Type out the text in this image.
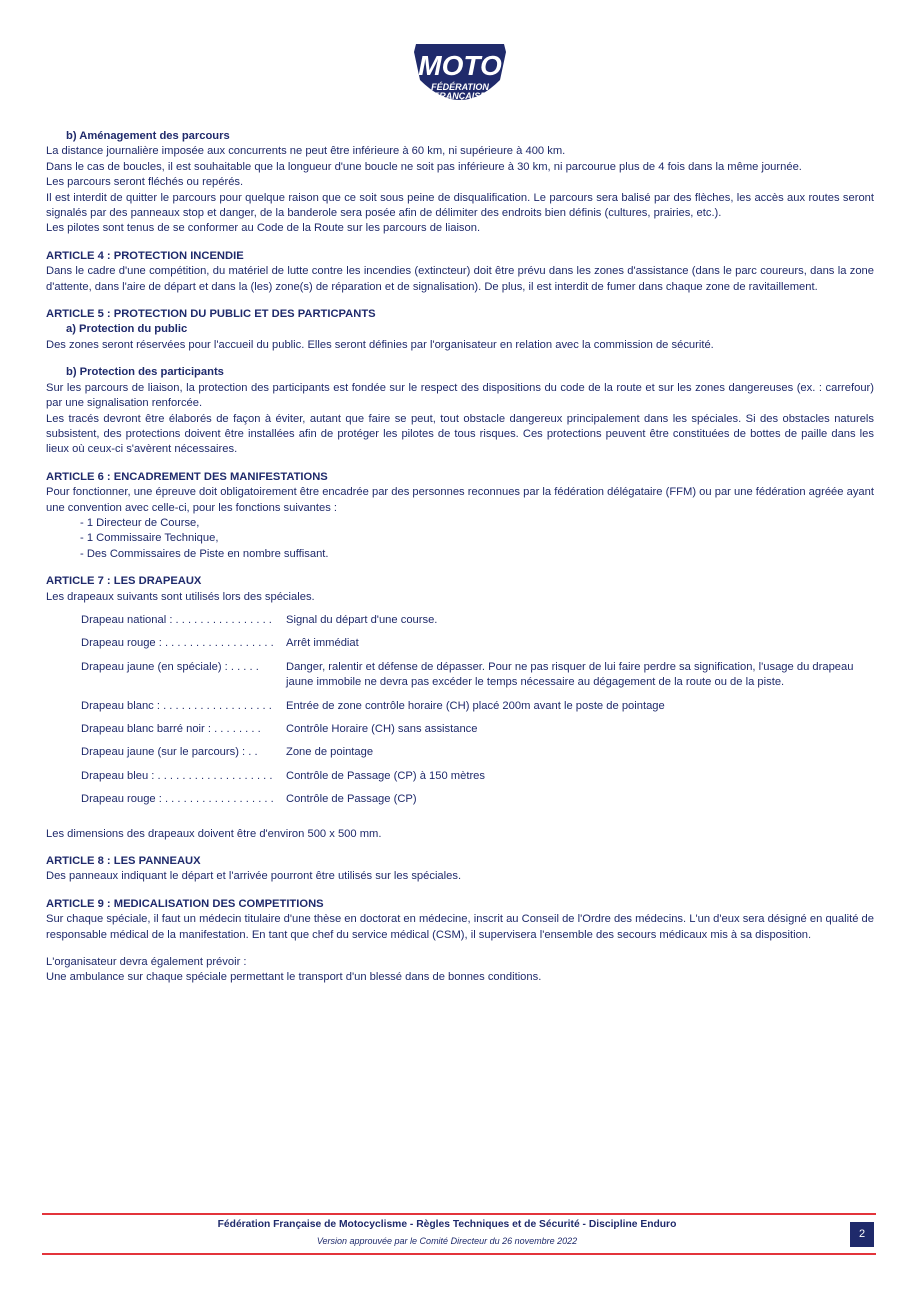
MOTO
FÉDÉRATION
FRANÇAISE

b) Aménagement des parcours

La distance journalière imposée aux concurrents ne peut être inférieure à 60 km, ni supérieure à 400 km.

Dans le cas de boucles, il est souhaitable que la longueur d'une boucle ne soit pas inférieure à 30 km, ni parcourue plus de 4 fois dans la même journée.

Les parcours seront fléchés ou repérés.

Il est interdit de quitter le parcours pour quelque raison que ce soit sous peine de disqualification. Le parcours sera balisé par des flèches, les accès aux routes seront signalés par des panneaux stop et danger, de la banderole sera posée afin de délimiter des endroits bien définis (cultures, prairies, etc.).

Les pilotes sont tenus de se conformer au Code de la Route sur les parcours de liaison.

ARTICLE 4 : PROTECTION INCENDIE

Dans le cadre d'une compétition, du matériel de lutte contre les incendies (extincteur) doit être prévu dans les zones d'assistance (dans le parc coureurs, dans la zone d'attente, dans l'aire de départ et dans la (les) zone(s) de réparation et de signalisation). De plus, il est interdit de fumer dans chaque zone de ravitaillement.

ARTICLE 5 : PROTECTION DU PUBLIC ET DES PARTICPANTS

a) Protection du public

Des zones seront réservées pour l'accueil du public. Elles seront définies par l'organisateur en relation avec la commission de sécurité.

b) Protection des participants

Sur les parcours de liaison, la protection des participants est fondée sur le respect des dispositions du code de la route et sur les zones dangereuses (ex. : carrefour) par une signalisation renforcée.

Les tracés devront être élaborés de façon à éviter, autant que faire se peut, tout obstacle dangereux principalement dans les spéciales. Si des obstacles naturels subsistent, des protections doivent être installées afin de protéger les pilotes de tous risques. Ces protections peuvent être constituées de bottes de paille dans les lieux où ceux-ci s'avèrent nécessaires.

ARTICLE 6 : ENCADREMENT DES MANIFESTATIONS

Pour fonctionner, une épreuve doit obligatoirement être encadrée par des personnes reconnues par la fédération délégataire (FFM) ou par une fédération agréée ayant une convention avec celle-ci, pour les fonctions suivantes :

- 1 Directeur de Course,

- 1 Commissaire Technique,

- Des Commissaires de Piste en nombre suffisant.

ARTICLE 7 : LES DRAPEAUX

Les drapeaux suivants sont utilisés lors des spéciales.

Drapeau national : . . . . . . . . . . . . . . . .	Signal du départ d'une course.
Drapeau rouge : . . . . . . . . . . . . . . . . . .	Arrêt immédiat
Drapeau jaune (en spéciale) : . . . . .	Danger, ralentir et défense de dépasser. Pour ne pas risquer de lui faire perdre sa signification, l'usage du drapeau jaune immobile ne devra pas excéder le temps nécessaire au dégagement de la route ou de la piste.
Drapeau blanc : . . . . . . . . . . . . . . . . . .	Entrée de zone contrôle horaire (CH) placé 200m avant le poste de pointage
Drapeau blanc barré noir : . . . . . . . .	Contrôle Horaire (CH) sans assistance
Drapeau jaune (sur le parcours) : . .	Zone de pointage
Drapeau bleu : . . . . . . . . . . . . . . . . . . .	Contrôle de Passage (CP) à 150 mètres
Drapeau rouge : . . . . . . . . . . . . . . . . . .	Contrôle de Passage (CP)

Les dimensions des drapeaux doivent être d'environ 500 x 500 mm.

ARTICLE 8 : LES PANNEAUX

Des panneaux indiquant le départ et l'arrivée pourront être utilisés sur les spéciales.

ARTICLE 9 : MEDICALISATION DES COMPETITIONS

Sur chaque spéciale, il faut un médecin titulaire d'une thèse en doctorat en médecine, inscrit au Conseil de l'Ordre des médecins. L'un d'eux sera désigné en qualité de responsable médical de la manifestation. En tant que chef du service médical (CSM), il supervisera l'ensemble des secours médicaux mis à sa disposition.

L'organisateur devra également prévoir :

Une ambulance sur chaque spéciale permettant le transport d'un blessé dans de bonnes conditions.

Fédération Française de Motocyclisme - Règles Techniques et de Sécurité - Discipline Enduro
Version approuvée par le Comité Directeur du 26 novembre 2022
2
